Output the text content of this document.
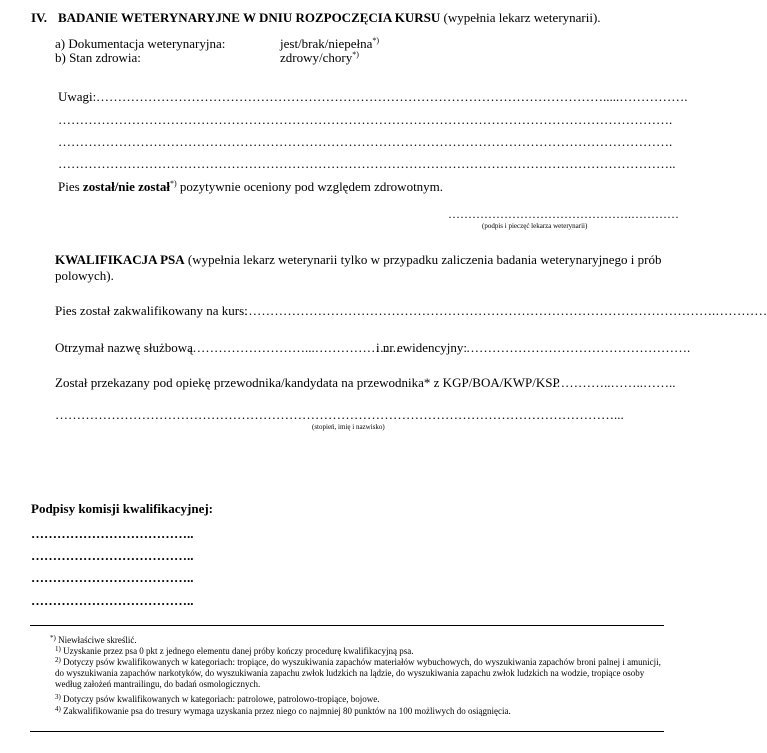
IV. BADANIE WETERYNARYJNE W DNIU ROZPOCZĘCIA KURSU (wypełnia lekarz weterynarii).
a) Dokumentacja weterynaryjna:	jest/brak/niepełna*)
b) Stan zdrowia:	zdrowy/chory*)
Uwagi: ……………………………………………………………………………………………………….....…………….
…………………………………………………………………………………………………………………………….
…………………………………………………………………………………………………………………………….
……………………………………………………………………………………………………………………………..
Pies został/nie został*) pozytywnie oceniony pod względem zdrowotnym.
……………………………………….…………
(podpis i pieczęć lekarza weterynarii)
KWALIFIKACJA PSA (wypełnia lekarz weterynarii tylko w przypadku zaliczenia badania weterynaryjnego i prób
polowych).
Pies został zakwalifikowany na kurs:
……………………………………………………………………………………………….…………
Otrzymał nazwę służbową
………………………...………………..
i nr ewidencyjny: …………………………………………….
Został przekazany pod opiekę przewodnika/kandydata na przewodnika* z KGP/BOA/KWP/KSP
…………..……..……..
…………………………………………………………………………………………………………………...
(stopień, imię i nazwisko)
Podpisy komisji kwalifikacyjnej:
………………………………..
………………………………..
………………………………..
………………………………..
*) Niewłaściwe skreślić.
$^{1)}$ Uzyskanie przez psa 0 pkt z jednego elementu danej próby kończy procedurę kwalifikacyjną psa.
$^{2)}$ Dotyczy psów kwalifikowanych w kategoriach: tropiące, do wyszukiwania zapachów materiałów wybuchowych, do wyszukiwania zapachów broni palnej i amunicji, do wyszukiwania zapachów narkotyków, do wyszukiwania zapachu zwłok ludzkich na lądzie, do wyszukiwania zapachu zwłok ludzkich na wodzie, tropiące osoby według założeń mantrailingu, do badań osmologicznych.
$^{3)}$ Dotyczy psów kwalifikowanych w kategoriach: patrolowe, patrolowo-tropiące, bojowe.
$^{4)}$ Zakwalifikowanie psa do tresury wymaga uzyskania przez niego co najmniej 80 punktów na 100 możliwych do osiągnięcia.
